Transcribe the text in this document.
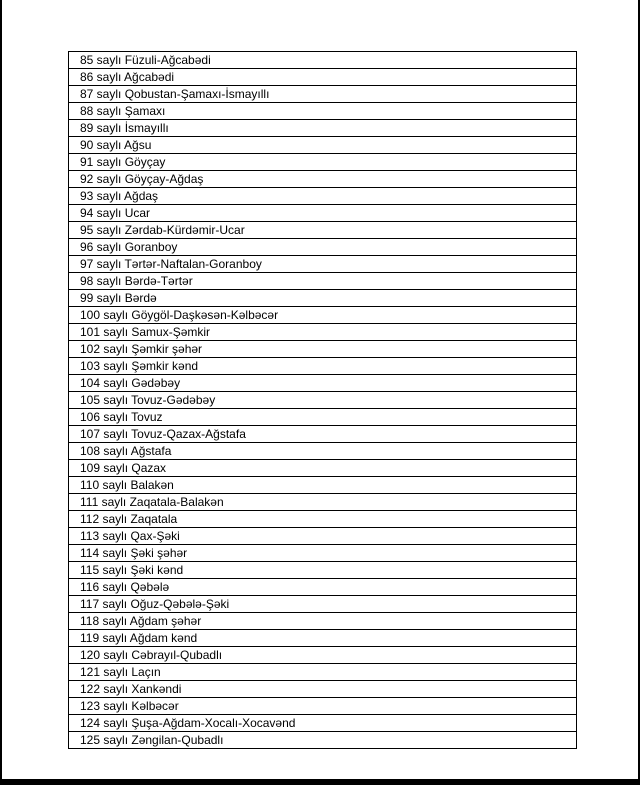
85 saylı Füzuli-Ağcabədi
86 saylı Ağcabədi
87 saylı Qobustan-Şamaxı-İsmayıllı
88 saylı Şamaxı
89 saylı İsmayıllı
90 saylı Ağsu
91 saylı Göyçay
92 saylı Göyçay-Ağdaş
93 saylı Ağdaş
94 saylı Ucar
95 saylı Zərdab-Kürdəmir-Ucar
96 saylı Goranboy
97 saylı Tərtər-Naftalan-Goranboy
98 saylı Bərdə-Tərtər
99 saylı Bərdə
100 saylı Göygöl-Daşkəsən-Kəlbəcər
101 saylı Samux-Şəmkir
102 saylı Şəmkir şəhər
103 saylı Şəmkir kənd
104 saylı Gədəbəy
105 saylı Tovuz-Gədəbəy
106 saylı Tovuz
107 saylı Tovuz-Qazax-Ağstafa
108 saylı Ağstafa
109 saylı Qazax
110 saylı Balakən
111 saylı Zaqatala-Balakən
112 saylı Zaqatala
113 saylı Qax-Şəki
114 saylı Şəki şəhər
115 saylı Şəki kənd
116 saylı Qəbələ
117 saylı Oğuz-Qəbələ-Şəki
118 saylı Ağdam şəhər
119 saylı Ağdam kənd
120 saylı Cəbrayıl-Qubadlı
121 saylı Laçın
122 saylı Xankəndi
123 saylı Kəlbəcər
124 saylı Şuşa-Ağdam-Xocalı-Xocavənd
125 saylı Zəngilan-Qubadlı
